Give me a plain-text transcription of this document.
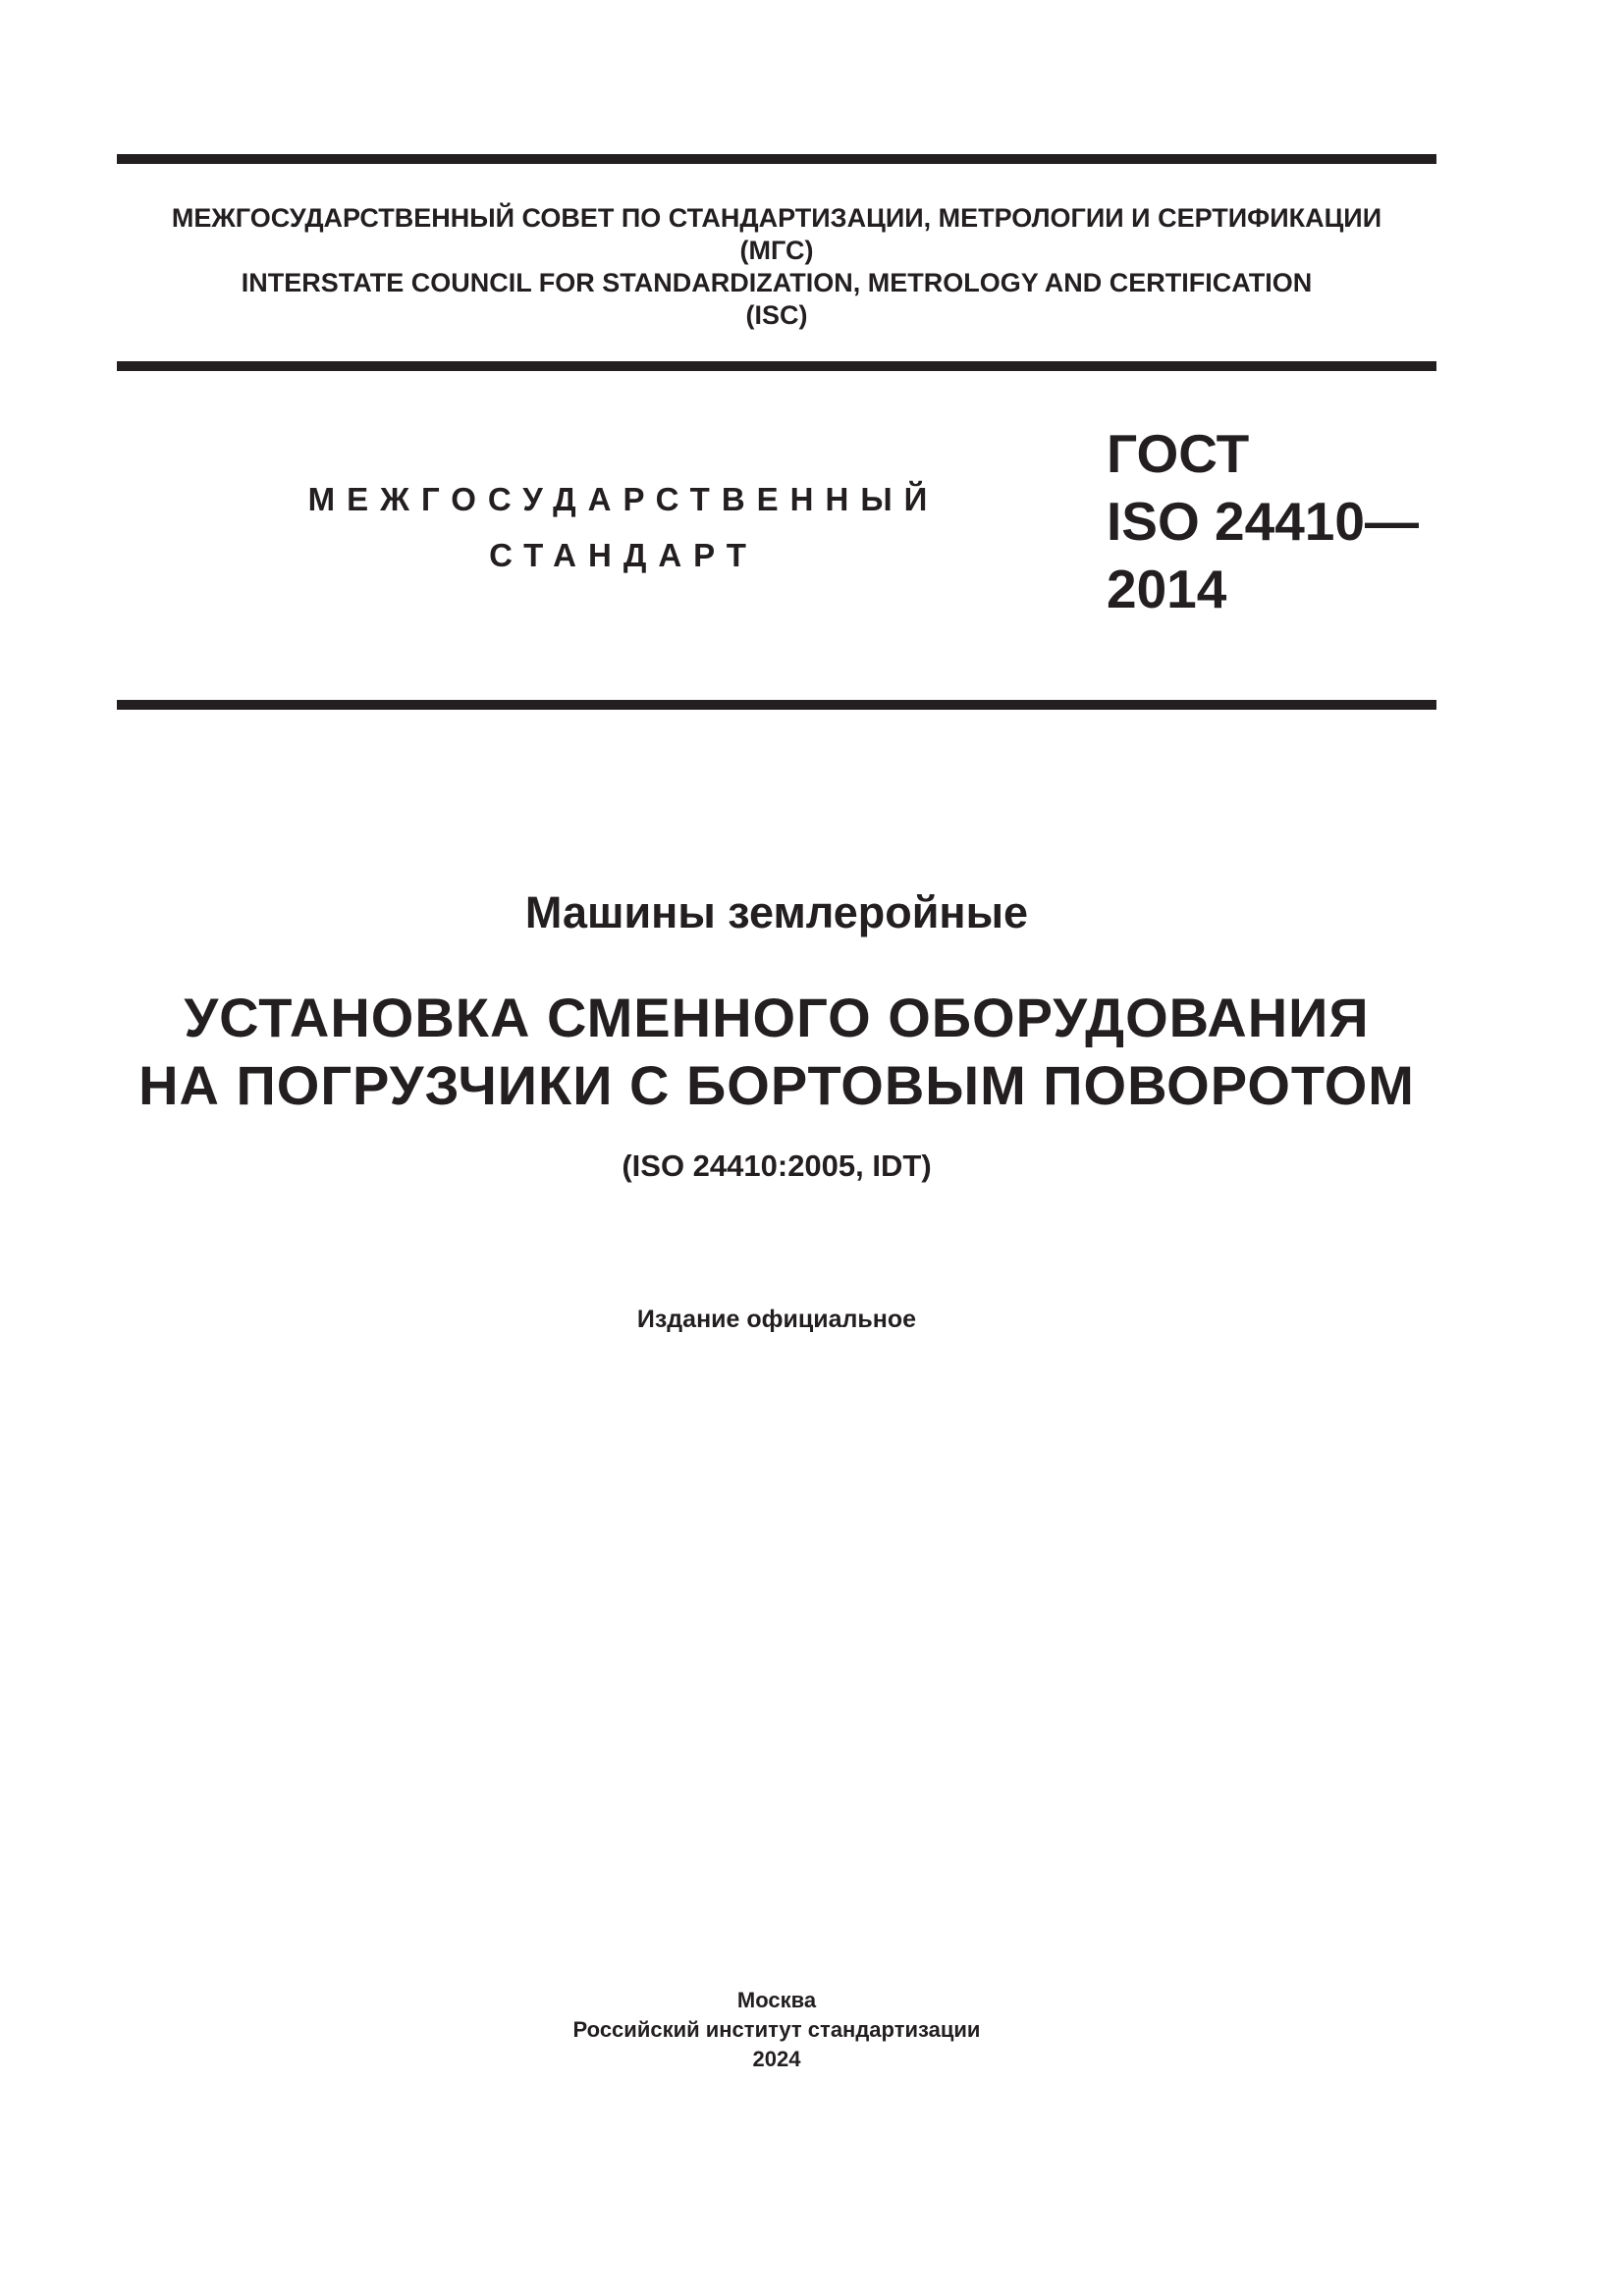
МЕЖГОСУДАРСТВЕННЫЙ СОВЕТ ПО СТАНДАРТИЗАЦИИ, МЕТРОЛОГИИ И СЕРТИФИКАЦИИ
(МГС)
INTERSTATE COUNCIL FOR STANDARDIZATION, METROLOGY AND CERTIFICATION
(ISC)
МЕЖГОСУДАРСТВЕННЫЙ
СТАНДАРТ
ГОСТ
ISO 24410—
2014
Машины землеройные
УСТАНОВКА СМЕННОГО ОБОРУДОВАНИЯ
НА ПОГРУЗЧИКИ С БОРТОВЫМ ПОВОРОТОМ
(ISO 24410:2005, IDT)
Издание официальное
Москва
Российский институт стандартизации
2024
